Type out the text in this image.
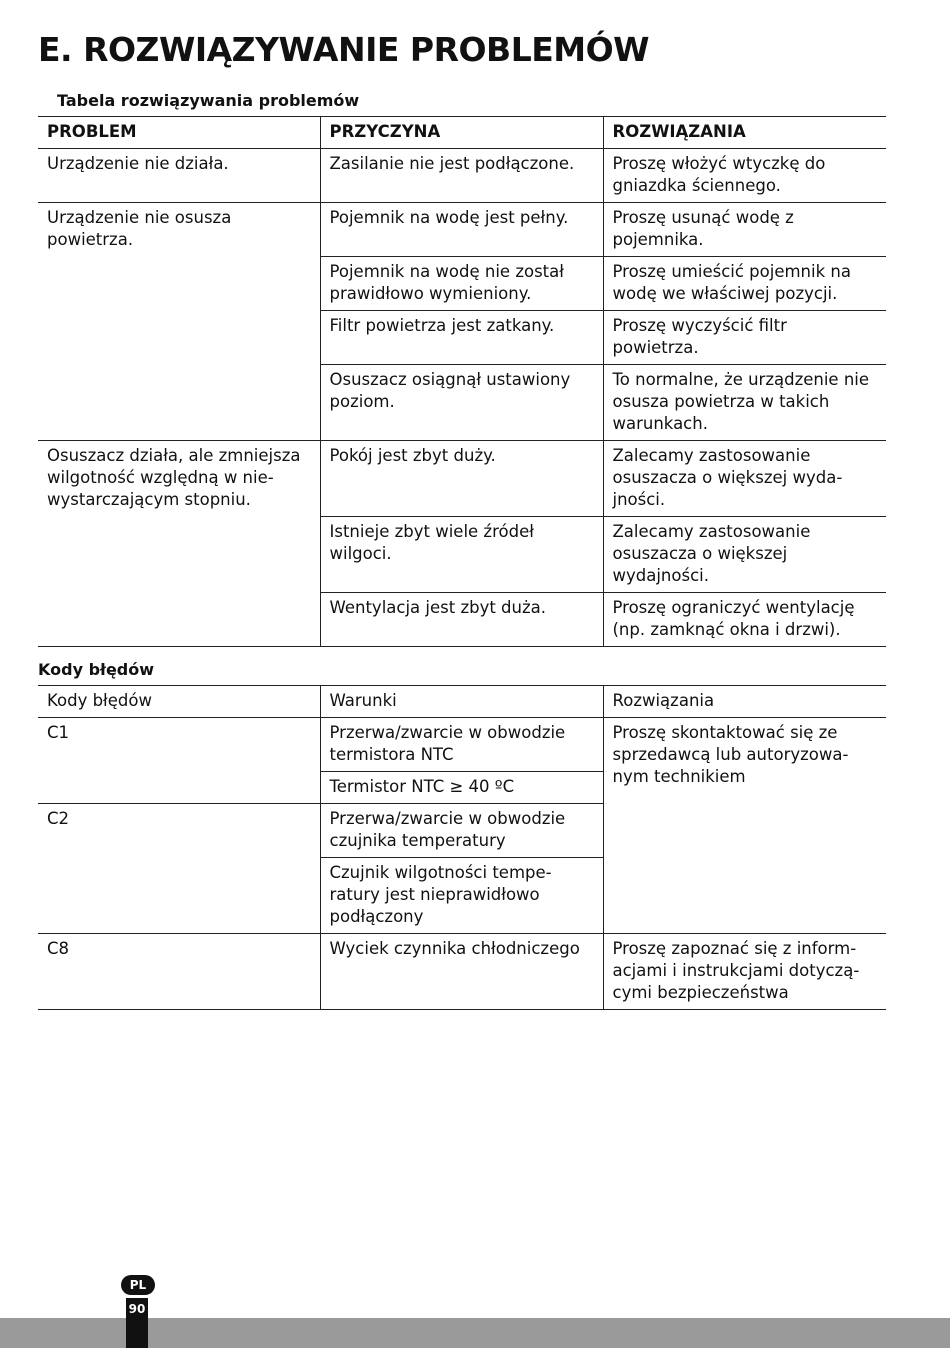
E. ROZWIĄZYWANIE PROBLEMÓW

Tabela rozwiązywania problemów

PROBLEM	PRZYCZYNA	ROZWIĄZANIA
Urządzenie nie działa.	Zasilanie nie jest podłączone.	Proszę włożyć wtyczkę do gniazdka ściennego.
Urządzenie nie osusza powietrza.	Pojemnik na wodę jest pełny.	Proszę usunąć wodę z pojemnika.
	Pojemnik na wodę nie został prawidłowo wymieniony.	Proszę umieścić pojemnik na wodę we właściwej pozycji.
	Filtr powietrza jest zatkany.	Proszę wyczyścić filtr powietrza.
	Osuszacz osiągnął ustawiony poziom.	To normalne, że urządzenie nie osusza powietrza w takich warunkach.
Osuszacz działa, ale zmniejsza wilgotność względną w nie-wystarczającym stopniu.	Pokój jest zbyt duży.	Zalecamy zastosowanie osuszacza o większej wyda-jności.
	Istnieje zbyt wiele źródeł wilgoci.	Zalecamy zastosowanie osuszacza o większej wydajności.
	Wentylacja jest zbyt duża.	Proszę ograniczyć wentylację (np. zamknąć okna i drzwi).

Kody błędów

Kody błędów	Warunki	Rozwiązania
C1	Przerwa/zwarcie w obwodzie termistora NTC	Proszę skontaktować się ze sprzedawcą lub autoryzowa-nym technikiem
	Termistor NTC ≥ 40 ºC	
C2	Przerwa/zwarcie w obwodzie czujnika temperatury	
	Czujnik wilgotności tempe-ratury jest nieprawidłowo podłączony	
C8	Wyciek czynnika chłodniczego	Proszę zapoznać się z inform-acjami i instrukcjami dotyczą-cymi bezpieczeństwa
90
PL
